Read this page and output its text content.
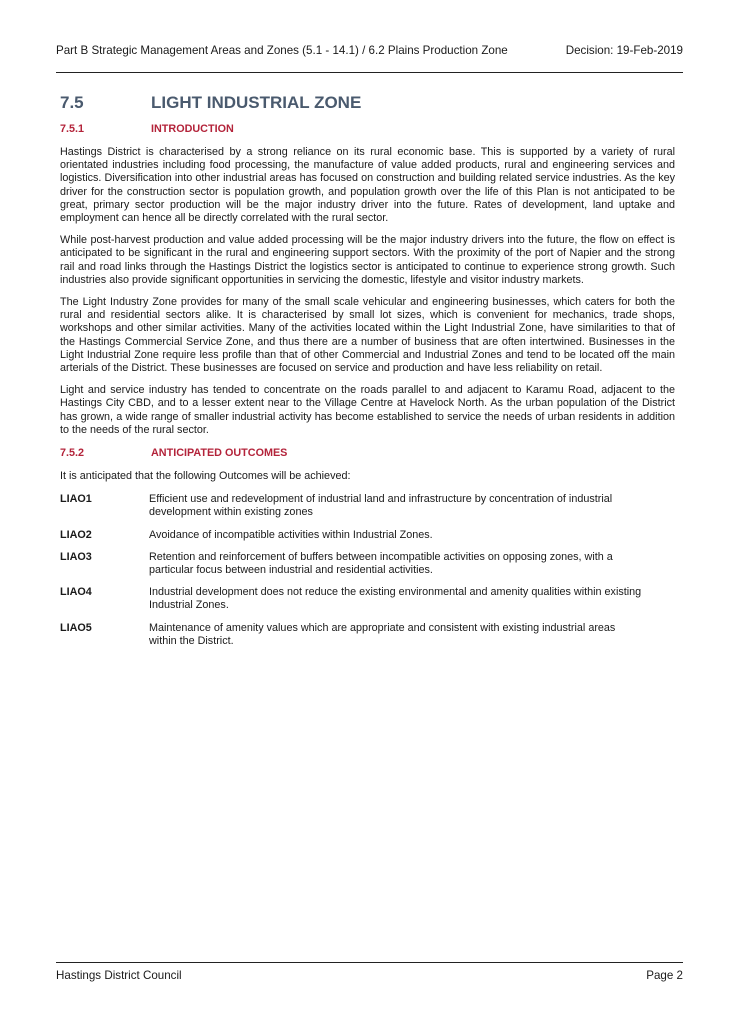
Part B Strategic Management Areas and Zones (5.1 - 14.1) / 6.2 Plains Production Zone	Decision: 19-Feb-2019
7.5	LIGHT INDUSTRIAL ZONE
7.5.1	INTRODUCTION

Hastings District is characterised by a strong reliance on its rural economic base. This is supported by a variety of rural orientated industries including food processing, the manufacture of value added products, rural and engineering services and logistics. Diversification into other industrial areas has focused on construction and building related service industries. As the key driver for the construction sector is population growth, and population growth over the life of this Plan is not anticipated to be great, primary sector production will be the major industry driver into the future. Rates of development, land uptake and employment can hence all be directly correlated with the rural sector.

While post-harvest production and value added processing will be the major industry drivers into the future, the flow on effect is anticipated to be significant in the rural and engineering support sectors. With the proximity of the port of Napier and the strong rail and road links through the Hastings District the logistics sector is anticipated to continue to experience strong growth. Such industries also provide significant opportunities in servicing the domestic, lifestyle and visitor industry markets.

The Light Industry Zone provides for many of the small scale vehicular and engineering businesses, which caters for both the rural and residential sectors alike. It is characterised by small lot sizes, which is convenient for mechanics, trade shops, workshops and other similar activities. Many of the activities located within the Light Industrial Zone, have similarities to that of the Hastings Commercial Service Zone, and thus there are a number of business that are often intertwined. Businesses in the Light Industrial Zone require less profile than that of other Commercial and Industrial Zones and tend to be located off the main arterials of the District. These businesses are focused on service and production and have less reliability on retail.

Light and service industry has tended to concentrate on the roads parallel to and adjacent to Karamu Road, adjacent to the Hastings City CBD, and to a lesser extent near to the Village Centre at Havelock North. As the urban population of the District has grown, a wide range of smaller industrial activity has become established to service the needs of urban residents in addition to the needs of the rural sector.

7.5.2	ANTICIPATED OUTCOMES

It is anticipated that the following Outcomes will be achieved:

LIAO1	Efficient use and redevelopment of industrial land and infrastructure by concentration of industrial development within existing zones
LIAO2	Avoidance of incompatible activities within Industrial Zones.
LIAO3	Retention and reinforcement of buffers between incompatible activities on opposing zones, with a particular focus between industrial and residential activities.
LIAO4	Industrial development does not reduce the existing environmental and amenity qualities within existing Industrial Zones.
LIAO5	Maintenance of amenity values which are appropriate and consistent with existing industrial areas within the District.
Hastings District Council	Page 2
